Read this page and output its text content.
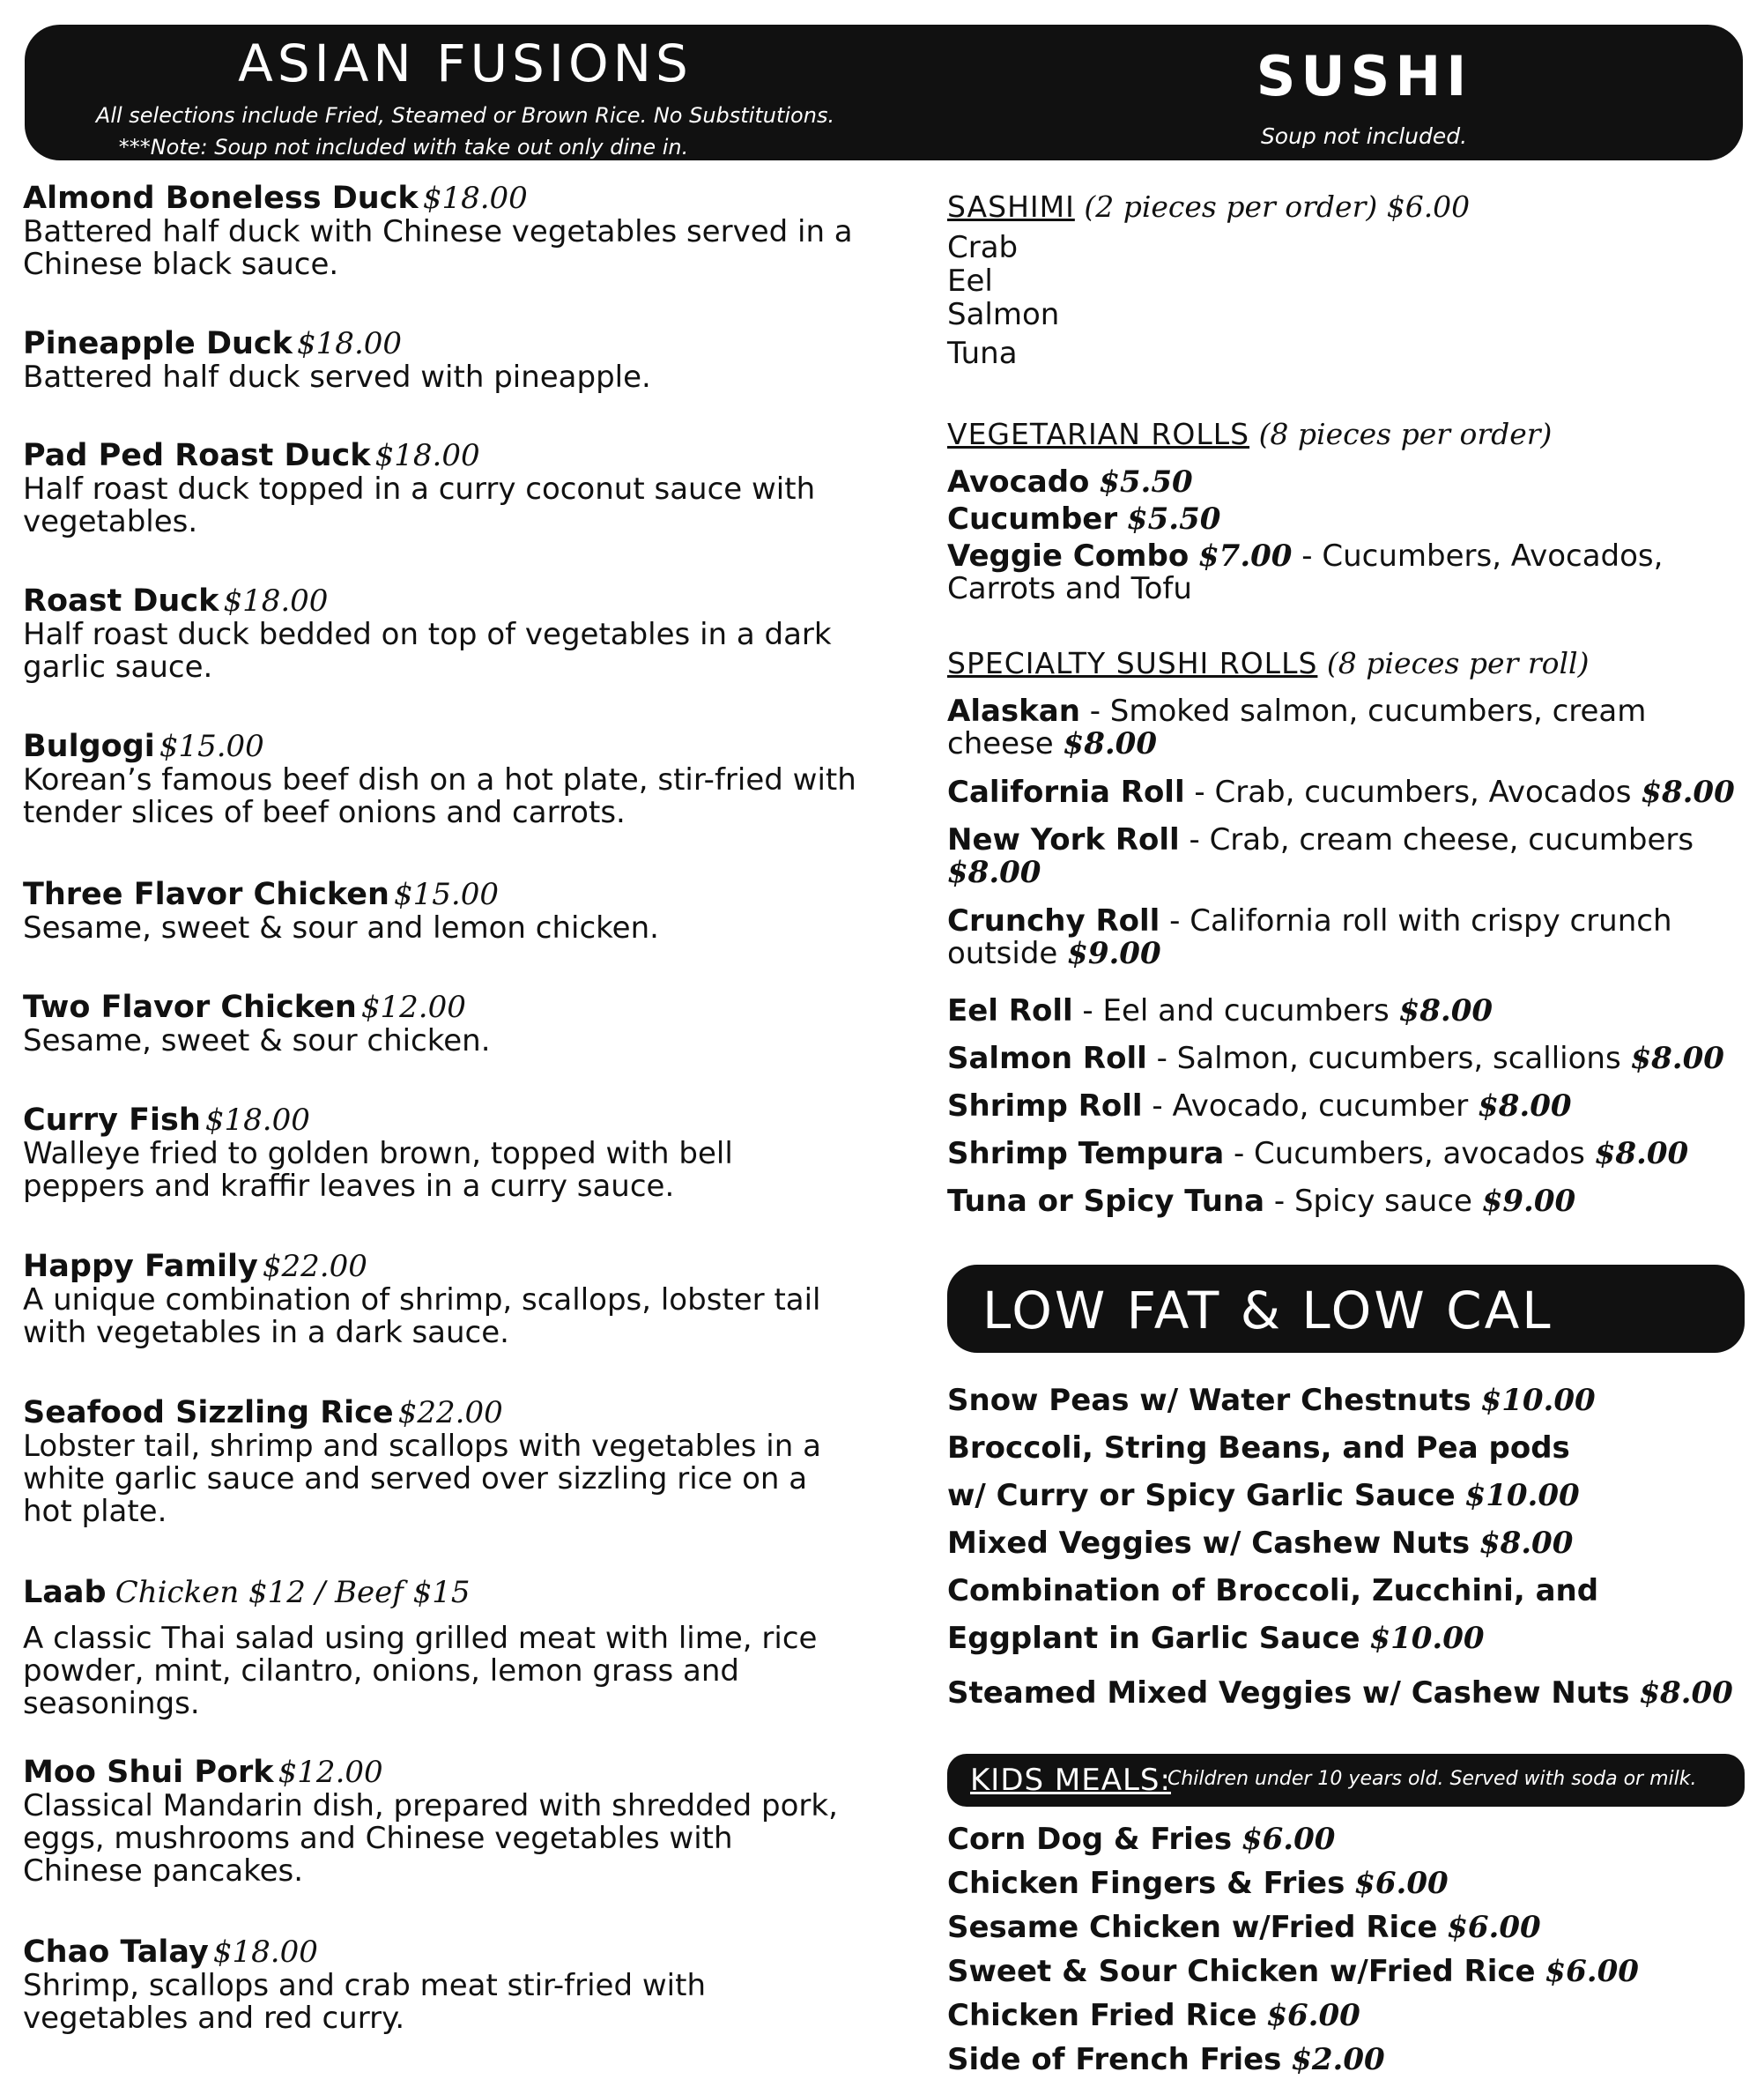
ASIAN FUSIONS
All selections include Fried, Steamed or Brown Rice. No Substitutions.
***Note: Soup not included with take out only dine in.
SUSHI
Soup not included.
Almond Boneless Duck $18.00
Battered half duck with Chinese vegetables served in a Chinese black sauce.
Pineapple Duck $18.00
Battered half duck served with pineapple.
Pad Ped Roast Duck $18.00
Half roast duck topped in a curry coconut sauce with vegetables.
Roast Duck $18.00
Half roast duck bedded on top of vegetables in a dark garlic sauce.
Bulgogi $15.00
Korean’s famous beef dish on a hot plate, stir-fried with tender slices of beef onions and carrots.
Three Flavor Chicken $15.00
Sesame, sweet & sour and lemon chicken.
Two Flavor Chicken $12.00
Sesame, sweet & sour chicken.
Curry Fish $18.00
Walleye fried to golden brown, topped with bell peppers and kraffir leaves in a curry sauce.
Happy Family $22.00
A unique combination of shrimp, scallops, lobster tail with vegetables in a dark sauce.
Seafood Sizzling Rice $22.00
Lobster tail, shrimp and scallops with vegetables in a white garlic sauce and served over sizzling rice on a hot plate.
Laab Chicken $12 / Beef $15
A classic Thai salad using grilled meat with lime, rice powder, mint, cilantro, onions, lemon grass and seasonings.
Moo Shui Pork $12.00
Classical Mandarin dish, prepared with shredded pork, eggs, mushrooms and Chinese vegetables with Chinese pancakes.
Chao Talay $18.00
Shrimp, scallops and crab meat stir-fried with vegetables and red curry.
SASHIMI (2 pieces per order) $6.00
Crab
Eel
Salmon
Tuna
VEGETARIAN ROLLS (8 pieces per order)
Avocado $5.50
Cucumber $5.50
Veggie Combo $7.00 - Cucumbers, Avocados, Carrots and Tofu
SPECIALTY SUSHI ROLLS (8 pieces per roll)
Alaskan - Smoked salmon, cucumbers, cream cheese $8.00
California Roll - Crab, cucumbers, Avocados $8.00
New York Roll - Crab, cream cheese, cucumbers $8.00
Crunchy Roll - California roll with crispy crunch outside $9.00
Eel Roll - Eel and cucumbers $8.00
Salmon Roll - Salmon, cucumbers, scallions $8.00
Shrimp Roll - Avocado, cucumber $8.00
Shrimp Tempura - Cucumbers, avocados $8.00
Tuna or Spicy Tuna - Spicy sauce $9.00
Snow Peas w/ Water Chestnuts $10.00
Broccoli, String Beans, and Pea pods
w/ Curry or Spicy Garlic Sauce $10.00
Mixed Veggies w/ Cashew Nuts $8.00
Combination of Broccoli, Zucchini, and
Eggplant in Garlic Sauce $10.00
Steamed Mixed Veggies w/ Cashew Nuts $8.00
Corn Dog & Fries $6.00
Chicken Fingers & Fries $6.00
Sesame Chicken w/Fried Rice $6.00
Sweet & Sour Chicken w/Fried Rice $6.00
Chicken Fried Rice $6.00
Side of French Fries $2.00
LOW FAT & LOW CAL
KIDS MEALS:
Children under 10 years old. Served with soda or milk.
